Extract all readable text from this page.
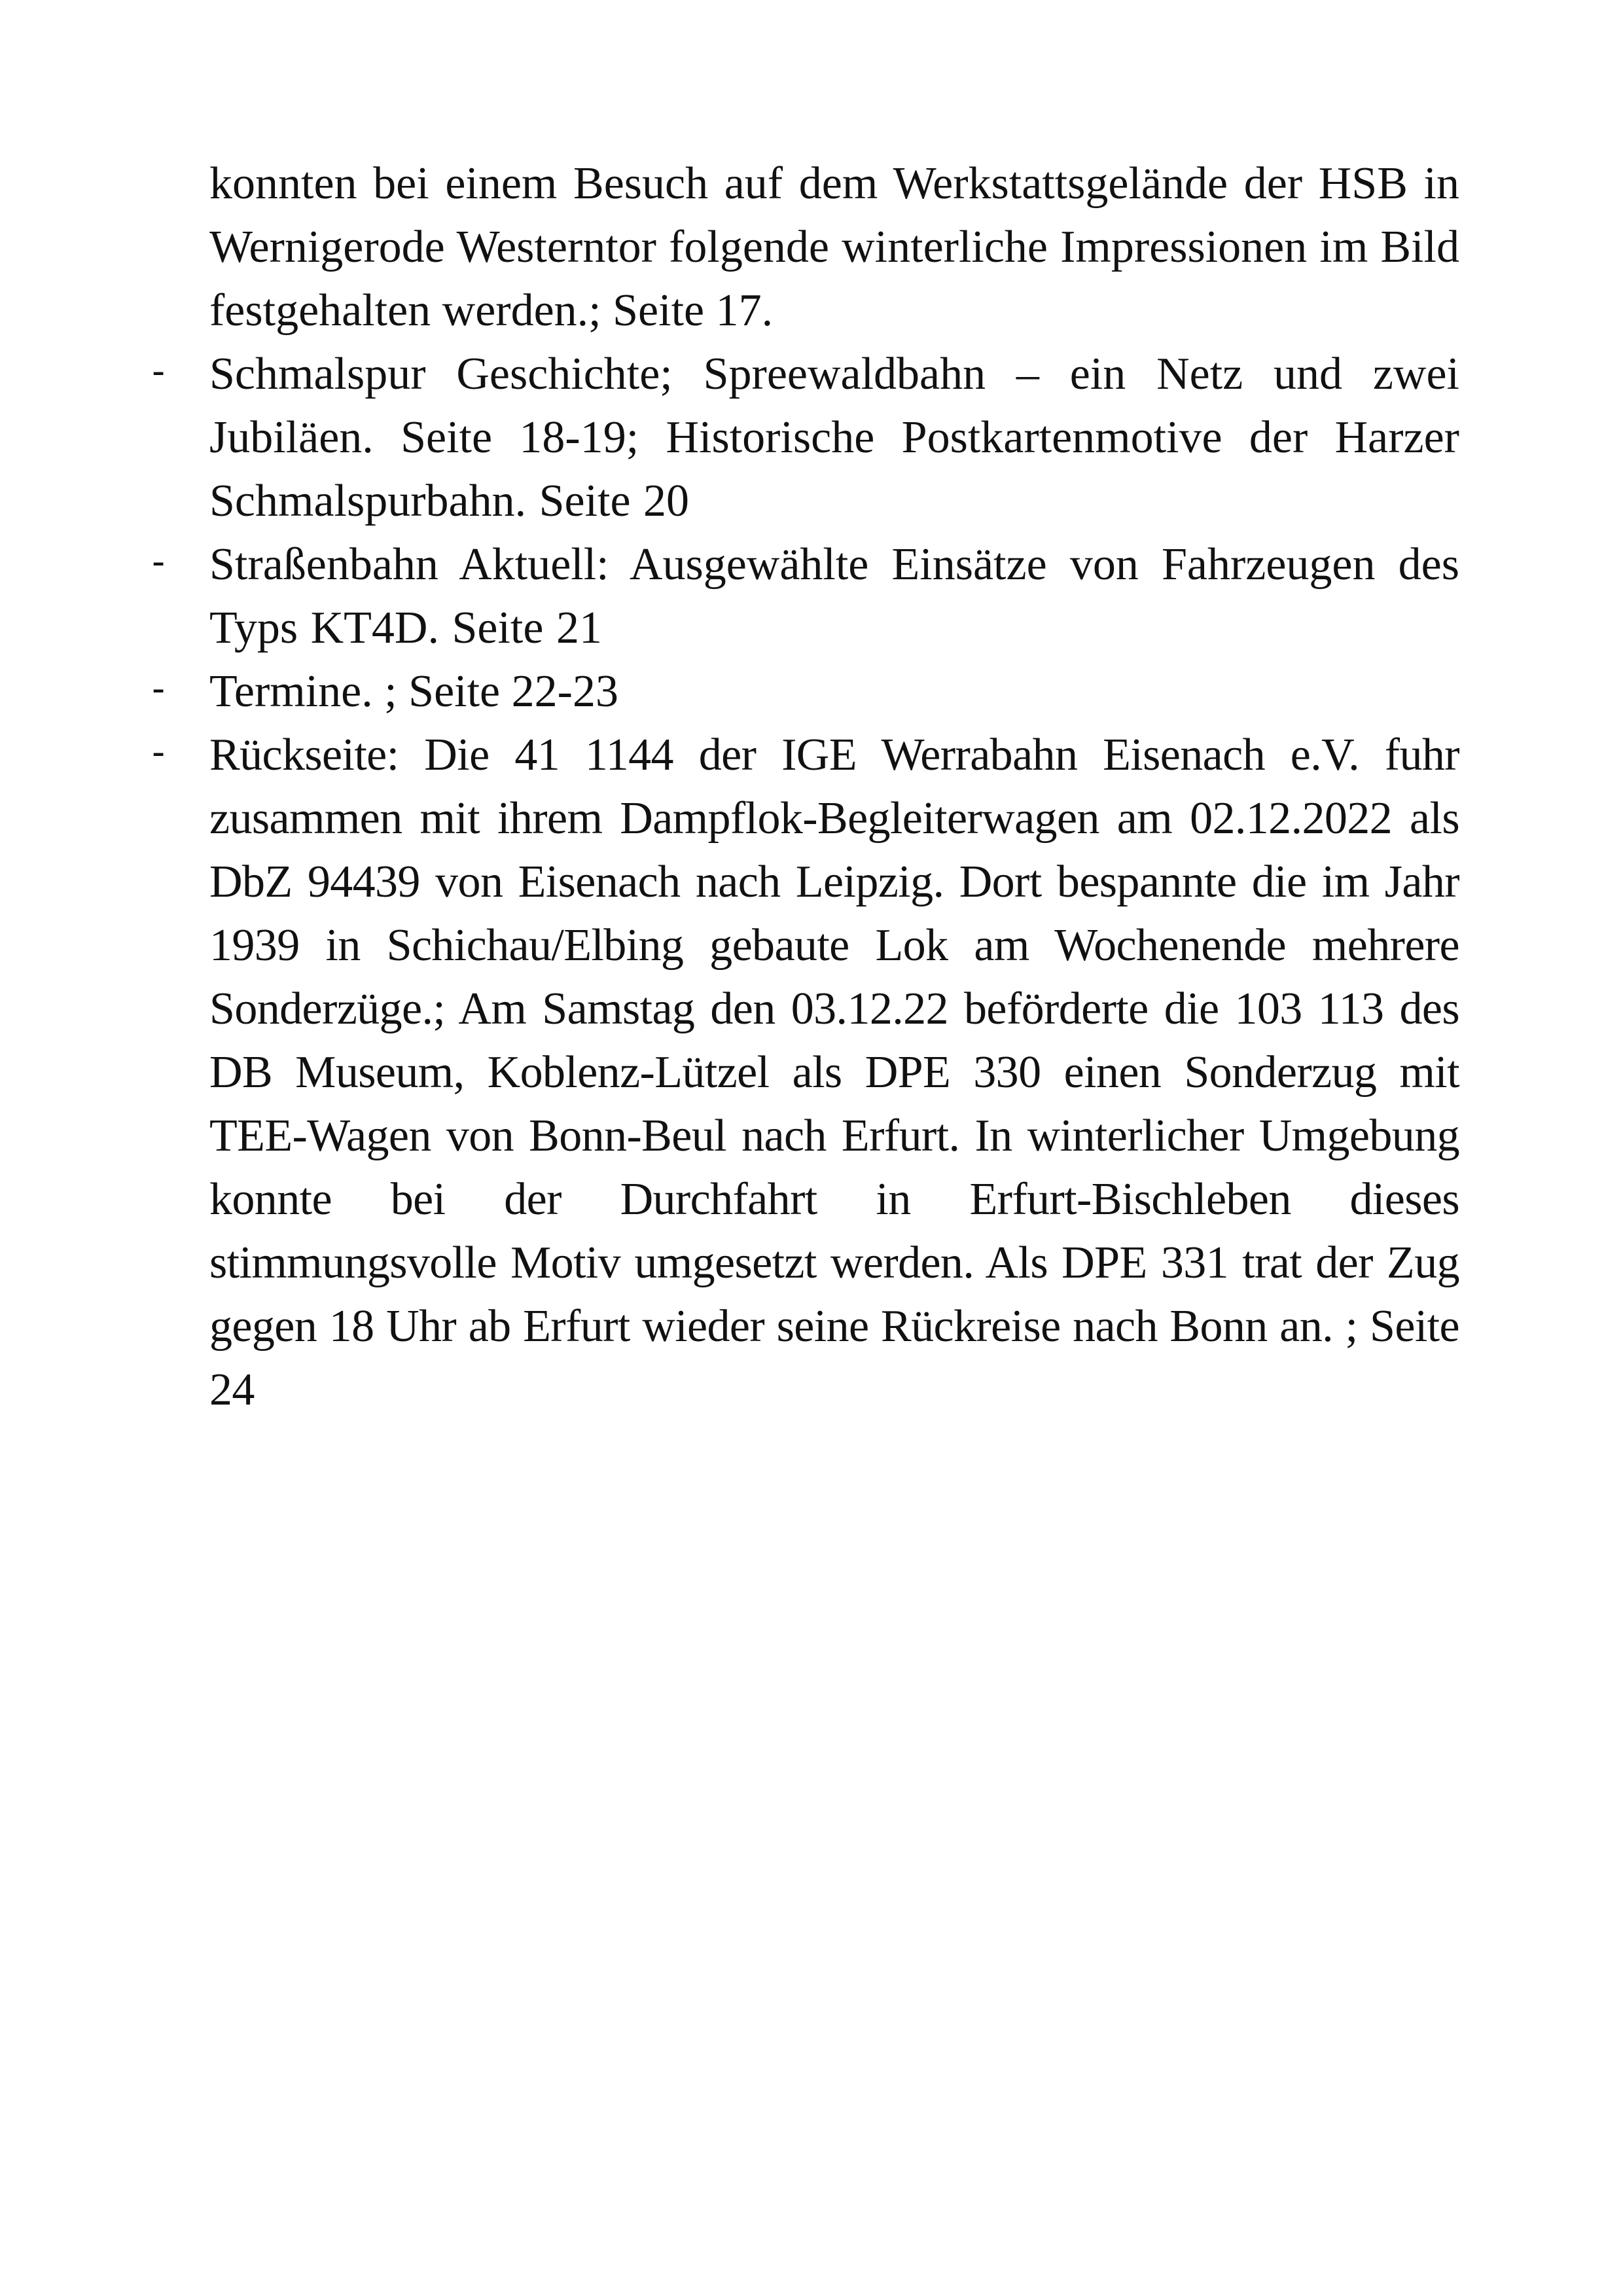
konnten bei einem Besuch auf dem Werkstattsgelände der HSB in Wernigerode Westerntor folgende winterliche Impressionen im Bild festgehalten werden.; Seite 17.

- Schmalspur Geschichte; Spreewaldbahn – ein Netz und zwei Jubiläen. Seite 18-19; Historische Postkartenmotive der Harzer Schmalspurbahn. Seite 20
- Straßenbahn Aktuell: Ausgewählte Einsätze von Fahrzeugen des Typs KT4D. Seite 21
- Termine. ; Seite 22-23
- Rückseite: Die 41 1144 der IGE Werrabahn Eisenach e.V. fuhr zusammen mit ihrem Dampflok-Begleiterwagen am 02.12.2022 als DbZ 94439 von Eisenach nach Leipzig. Dort bespannte die im Jahr 1939 in Schichau/Elbing gebaute Lok am Wochenende mehrere Sonderzüge.; Am Samstag den 03.12.22 beförderte die 103 113 des DB Museum, Koblenz-Lützel als DPE 330 einen Sonderzug mit TEE-Wagen von Bonn-Beul nach Erfurt. In winterlicher Umgebung konnte bei der Durchfahrt in Erfurt-Bischleben dieses stimmungsvolle Motiv umgesetzt werden. Als DPE 331 trat der Zug gegen 18 Uhr ab Erfurt wieder seine Rückreise nach Bonn an. ; Seite 24
